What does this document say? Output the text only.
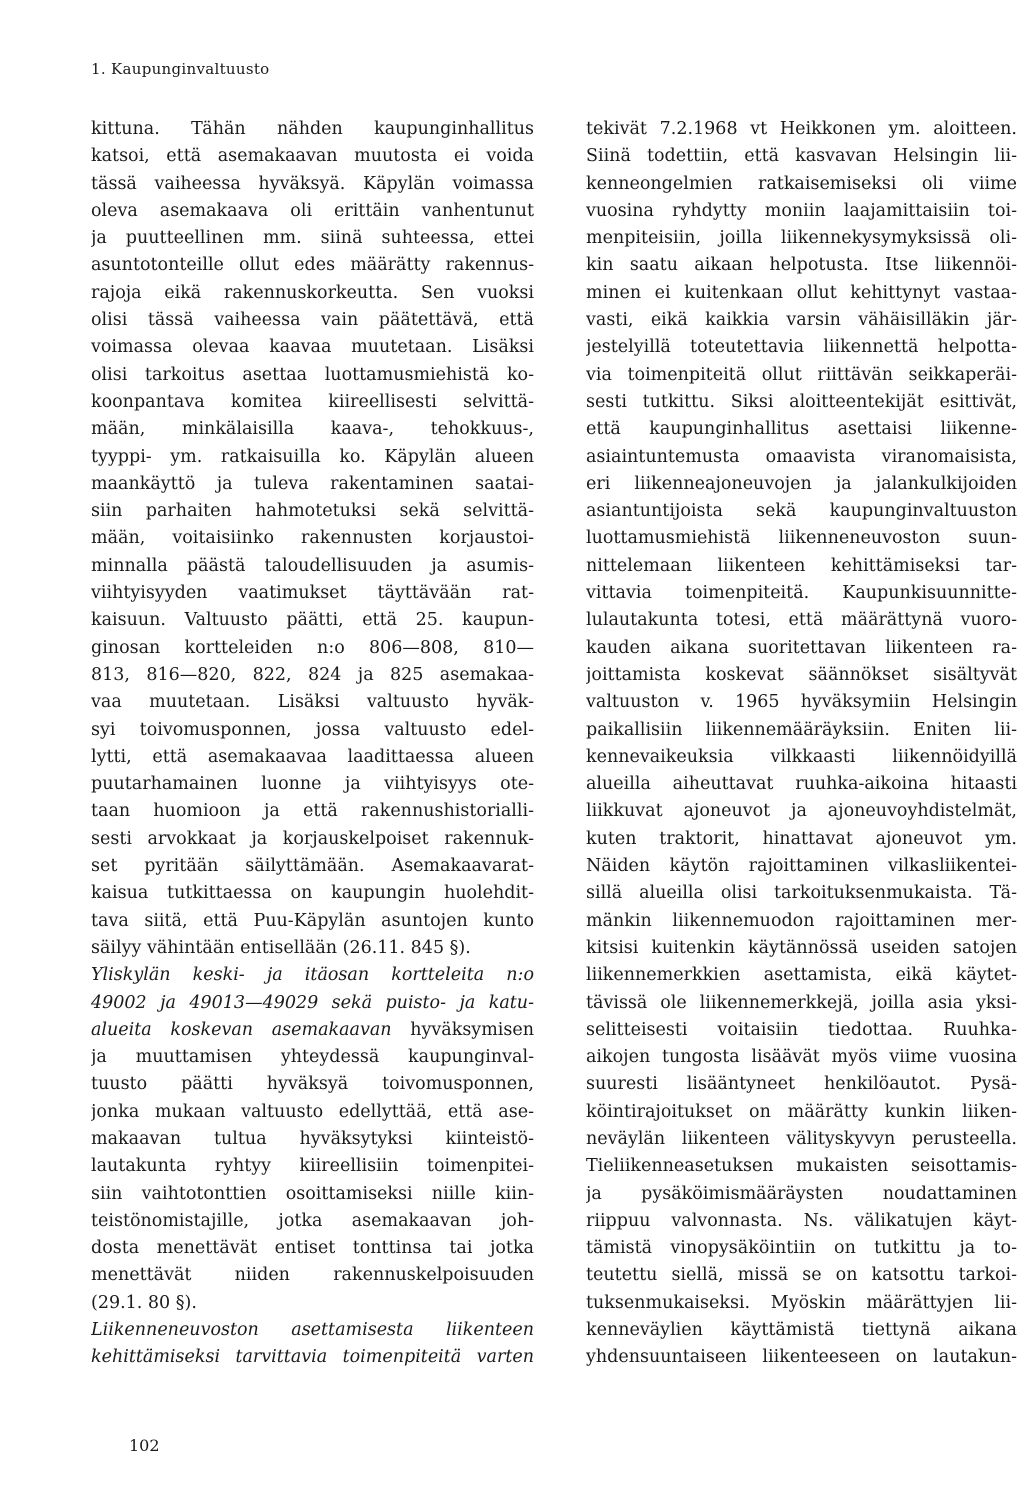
1. Kaupunginvaltuusto
kittuna. Tähän nähden kaupunginhallitus
katsoi, että asemakaavan muutosta ei voida
tässä vaiheessa hyväksyä. Käpylän voimassa
oleva asemakaava oli erittäin vanhentunut
ja puutteellinen mm. siinä suhteessa, ettei
asuntotonteille ollut edes määrätty rakennus-
rajoja eikä rakennuskorkeutta. Sen vuoksi
olisi tässä vaiheessa vain päätettävä, että
voimassa olevaa kaavaa muutetaan. Lisäksi
olisi tarkoitus asettaa luottamusmiehistä ko-
koonpantava komitea kiireellisesti selvittä-
mään, minkälaisilla kaava-, tehokkuus-,
tyyppi- ym. ratkaisuilla ko. Käpylän alueen
maankäyttö ja tuleva rakentaminen saatai-
siin parhaiten hahmotetuksi sekä selvittä-
mään, voitaisiinko rakennusten korjaustoi-
minnalla päästä taloudellisuuden ja asumis-
viihtyisyyden vaatimukset täyttävään rat-
kaisuun. Valtuusto päätti, että 25. kaupun-
ginosan kortteleiden n:o 806—808, 810—
813, 816—820, 822, 824 ja 825 asemakaa-
vaa muutetaan. Lisäksi valtuusto hyväk-
syi toivomusponnen, jossa valtuusto edel-
lytti, että asemakaavaa laadittaessa alueen
puutarhamainen luonne ja viihtyisyys ote-
taan huomioon ja että rakennushistorialli-
sesti arvokkaat ja korjauskelpoiset rakennuk-
set pyritään säilyttämään. Asemakaavarat-
kaisua tutkittaessa on kaupungin huolehdit-
tava siitä, että Puu-Käpylän asuntojen kunto
säilyy vähintään entisellään (26.11. 845 §).
Yliskylän keski- ja itäosan kortteleita n:o
49002 ja 49013—49029 sekä puisto- ja katu-
alueita koskevan asemakaavan hyväksymisen
ja muuttamisen yhteydessä kaupunginval-
tuusto päätti hyväksyä toivomusponnen,
jonka mukaan valtuusto edellyttää, että ase-
makaavan tultua hyväksytyksi kiinteistö-
lautakunta ryhtyy kiireellisiin toimenpitei-
siin vaihtotonttien osoittamiseksi niille kiin-
teistönomistajille, jotka asemakaavan joh-
dosta menettävät entiset tonttinsa tai jotka
menettävät niiden rakennuskelpoisuuden
(29.1. 80 §).
Liikenneneuvoston asettamisesta liikenteen
kehittämiseksi tarvittavia toimenpiteitä varten
tekivät 7.2.1968 vt Heikkonen ym. aloitteen.
Siinä todettiin, että kasvavan Helsingin lii-
kenneongelmien ratkaisemiseksi oli viime
vuosina ryhdytty moniin laajamittaisiin toi-
menpiteisiin, joilla liikennekysymyksissä oli-
kin saatu aikaan helpotusta. Itse liikennöi-
minen ei kuitenkaan ollut kehittynyt vastaa-
vasti, eikä kaikkia varsin vähäisilläkin jär-
jestelyillä toteutettavia liikennettä helpotta-
via toimenpiteitä ollut riittävän seikkaperäi-
sesti tutkittu. Siksi aloitteentekijät esittivät,
että kaupunginhallitus asettaisi liikenne-
asiaintuntemusta omaavista viranomaisista,
eri liikenneajoneuvojen ja jalankulkijoiden
asiantuntijoista sekä kaupunginvaltuuston
luottamusmiehistä liikenneneuvoston suun-
nittelemaan liikenteen kehittämiseksi tar-
vittavia toimenpiteitä. Kaupunkisuunnitte-
lulautakunta totesi, että määrättynä vuoro-
kauden aikana suoritettavan liikenteen ra-
joittamista koskevat säännökset sisältyvät
valtuuston v. 1965 hyväksymiin Helsingin
paikallisiin liikennemääräyksiin. Eniten lii-
kennevaikeuksia vilkkaasti liikennöidyillä
alueilla aiheuttavat ruuhka-aikoina hitaasti
liikkuvat ajoneuvot ja ajoneuvoyhdistelmät,
kuten traktorit, hinattavat ajoneuvot ym.
Näiden käytön rajoittaminen vilkasliikentei-
sillä alueilla olisi tarkoituksenmukaista. Tä-
mänkin liikennemuodon rajoittaminen mer-
kitsisi kuitenkin käytännössä useiden satojen
liikennemerkkien asettamista, eikä käytet-
tävissä ole liikennemerkkejä, joilla asia yksi-
selitteisesti voitaisiin tiedottaa. Ruuhka-
aikojen tungosta lisäävät myös viime vuosina
suuresti lisääntyneet henkilöautot. Pysä-
köintirajoitukset on määrätty kunkin liiken-
neväylän liikenteen välityskyvyn perusteella.
Tieliikenneasetuksen mukaisten seisottamis-
ja pysäköimismääräysten noudattaminen
riippuu valvonnasta. Ns. välikatujen käyt-
tämistä vinopysäköintiin on tutkittu ja to-
teutettu siellä, missä se on katsottu tarkoi-
tuksenmukaiseksi. Myöskin määrättyjen lii-
kenneväylien käyttämistä tiettynä aikana
yhdensuuntaiseen liikenteeseen on lautakun-
102
